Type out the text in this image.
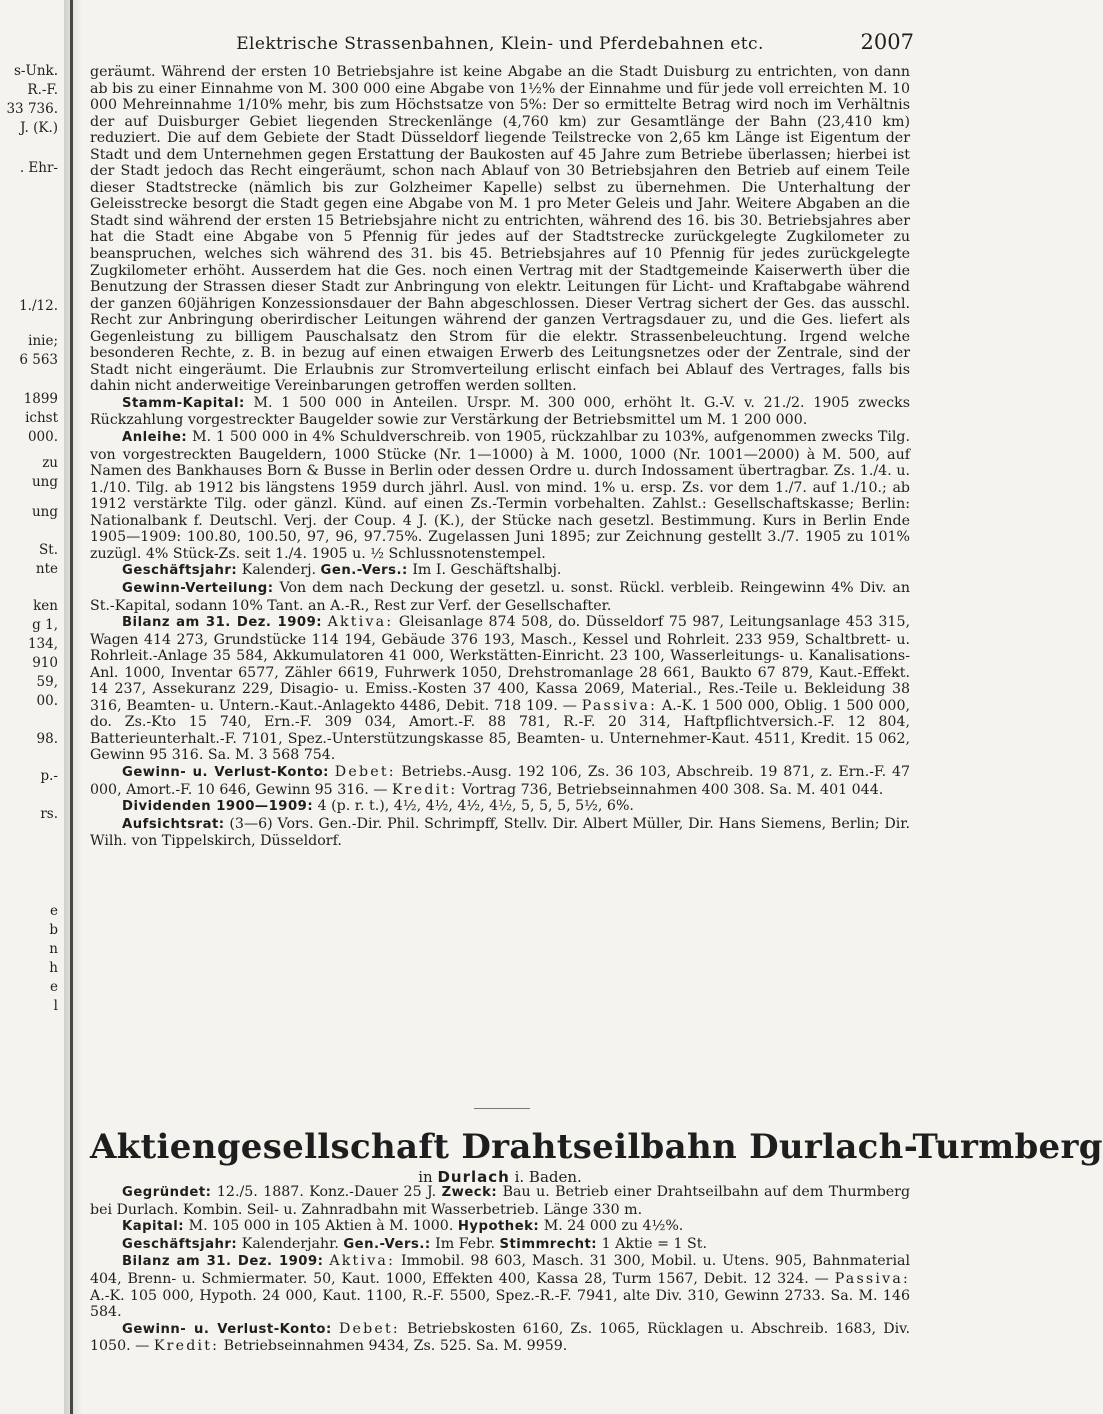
s-Unk.
R.-F.
33 736.
J. (K.)
. Ehr-
1./12.
inie;
6 563
1899
ichst
000.
zu
ung
ung
St.
nte
ken
g 1,
134,
910
59,
00.
98.
p.-
rs.
e
b
n
h
e
l
Elektrische Strassenbahnen, Klein- und Pferdebahnen etc.	2007

geräumt. Während der ersten 10 Betriebsjahre ist keine Abgabe an die Stadt Duisburg zu entrichten, von dann ab bis zu einer Einnahme von M. 300 000 eine Abgabe von 1½% der Einnahme und für jede voll erreichten M. 10 000 Mehreinnahme 1/10% mehr, bis zum Höchstsatze von 5%: Der so ermittelte Betrag wird noch im Verhältnis der auf Duisburger Gebiet liegenden Streckenlänge (4,760 km) zur Gesamtlänge der Bahn (23,410 km) reduziert. Die auf dem Gebiete der Stadt Düsseldorf liegende Teilstrecke von 2,65 km Länge ist Eigentum der Stadt und dem Unternehmen gegen Erstattung der Baukosten auf 45 Jahre zum Betriebe überlassen; hierbei ist der Stadt jedoch das Recht eingeräumt, schon nach Ablauf von 30 Betriebsjahren den Betrieb auf einem Teile dieser Stadtstrecke (nämlich bis zur Golzheimer Kapelle) selbst zu übernehmen. Die Unterhaltung der Geleisstrecke besorgt die Stadt gegen eine Abgabe von M. 1 pro Meter Geleis und Jahr. Weitere Abgaben an die Stadt sind während der ersten 15 Betriebsjahre nicht zu entrichten, während des 16. bis 30. Betriebsjahres aber hat die Stadt eine Abgabe von 5 Pfennig für jedes auf der Stadtstrecke zurückgelegte Zugkilometer zu beanspruchen, welches sich während des 31. bis 45. Betriebsjahres auf 10 Pfennig für jedes zurückgelegte Zugkilometer erhöht. Ausserdem hat die Ges. noch einen Vertrag mit der Stadtgemeinde Kaiserwerth über die Benutzung der Strassen dieser Stadt zur Anbringung von elektr. Leitungen für Licht- und Kraftabgabe während der ganzen 60jährigen Konzessionsdauer der Bahn abgeschlossen. Dieser Vertrag sichert der Ges. das ausschl. Recht zur Anbringung oberirdischer Leitungen während der ganzen Vertragsdauer zu, und die Ges. liefert als Gegenleistung zu billigem Pauschalsatz den Strom für die elektr. Strassenbeleuchtung. Irgend welche besonderen Rechte, z. B. in bezug auf einen etwaigen Erwerb des Leitungsnetzes oder der Zentrale, sind der Stadt nicht eingeräumt. Die Erlaubnis zur Stromverteilung erlischt einfach bei Ablauf des Vertrages, falls bis dahin nicht anderweitige Vereinbarungen getroffen werden sollten.

Stamm-Kapital: M. 1 500 000 in Anteilen. Urspr. M. 300 000, erhöht lt. G.-V. v. 21./2. 1905 zwecks Rückzahlung vorgestreckter Baugelder sowie zur Verstärkung der Betriebsmittel um M. 1 200 000.

Anleihe: M. 1 500 000 in 4% Schuldverschreib. von 1905, rückzahlbar zu 103%, aufgenommen zwecks Tilg. von vorgestreckten Baugeldern, 1000 Stücke (Nr. 1—1000) à M. 1000, 1000 (Nr. 1001—2000) à M. 500, auf Namen des Bankhauses Born & Busse in Berlin oder dessen Ordre u. durch Indossament übertragbar. Zs. 1./4. u. 1./10. Tilg. ab 1912 bis längstens 1959 durch jährl. Ausl. von mind. 1% u. ersp. Zs. vor dem 1./7. auf 1./10.; ab 1912 verstärkte Tilg. oder gänzl. Künd. auf einen Zs.-Termin vorbehalten. Zahlst.: Gesellschaftskasse; Berlin: Nationalbank f. Deutschl. Verj. der Coup. 4 J. (K.), der Stücke nach gesetzl. Bestimmung. Kurs in Berlin Ende 1905—1909: 100.80, 100.50, 97, 96, 97.75%. Zugelassen Juni 1895; zur Zeichnung gestellt 3./7. 1905 zu 101% zuzügl. 4% Stück-Zs. seit 1./4. 1905 u. ½ Schlussnotenstempel.

Geschäftsjahr: Kalenderj. Gen.-Vers.: Im I. Geschäftshalbj.

Gewinn-Verteilung: Von dem nach Deckung der gesetzl. u. sonst. Rückl. verbleib. Reingewinn 4% Div. an St.-Kapital, sodann 10% Tant. an A.-R., Rest zur Verf. der Gesellschafter.

Bilanz am 31. Dez. 1909: Aktiva: Gleisanlage 874 508, do. Düsseldorf 75 987, Leitungsanlage 453 315, Wagen 414 273, Grundstücke 114 194, Gebäude 376 193, Masch., Kessel und Rohrleit. 233 959, Schaltbrett- u. Rohrleit.-Anlage 35 584, Akkumulatoren 41 000, Werkstätten-Einricht. 23 100, Wasserleitungs- u. Kanalisations-Anl. 1000, Inventar 6577, Zähler 6619, Fuhrwerk 1050, Drehstromanlage 28 661, Baukto 67 879, Kaut.-Effekt. 14 237, Assekuranz 229, Disagio- u. Emiss.-Kosten 37 400, Kassa 2069, Material., Res.-Teile u. Bekleidung 38 316, Beamten- u. Untern.-Kaut.-Anlagekto 4486, Debit. 718 109. — Passiva: A.-K. 1 500 000, Oblig. 1 500 000, do. Zs.-Kto 15 740, Ern.-F. 309 034, Amort.-F. 88 781, R.-F. 20 314, Haftpflichtversich.-F. 12 804, Batterieunterhalt.-F. 7101, Spez.-Unterstützungskasse 85, Beamten- u. Unternehmer-Kaut. 4511, Kredit. 15 062, Gewinn 95 316. Sa. M. 3 568 754.

Gewinn- u. Verlust-Konto: Debet: Betriebs.-Ausg. 192 106, Zs. 36 103, Abschreib. 19 871, z. Ern.-F. 47 000, Amort.-F. 10 646, Gewinn 95 316. — Kredit: Vortrag 736, Betriebseinnahmen 400 308. Sa. M. 401 044.

Dividenden 1900—1909: 4 (p. r. t.), 4½, 4½, 4½, 4½, 5, 5, 5, 5½, 6%.

Aufsichtsrat: (3—6) Vors. Gen.-Dir. Phil. Schrimpff, Stellv. Dir. Albert Müller, Dir. Hans Siemens, Berlin; Dir. Wilh. von Tippelskirch, Düsseldorf.

Aktiengesellschaft Drahtseilbahn Durlach-Turmberg
in Durlach i. Baden.

Gegründet: 12./5. 1887. Konz.-Dauer 25 J. Zweck: Bau u. Betrieb einer Drahtseilbahn auf dem Thurmberg bei Durlach. Kombin. Seil- u. Zahnradbahn mit Wasserbetrieb. Länge 330 m.

Kapital: M. 105 000 in 105 Aktien à M. 1000. Hypothek: M. 24 000 zu 4½%.

Geschäftsjahr: Kalenderjahr. Gen.-Vers.: Im Febr. Stimmrecht: 1 Aktie = 1 St.

Bilanz am 31. Dez. 1909: Aktiva: Immobil. 98 603, Masch. 31 300, Mobil. u. Utens. 905, Bahnmaterial 404, Brenn- u. Schmiermater. 50, Kaut. 1000, Effekten 400, Kassa 28, Turm 1567, Debit. 12 324. — Passiva: A.-K. 105 000, Hypoth. 24 000, Kaut. 1100, R.-F. 5500, Spez.-R.-F. 7941, alte Div. 310, Gewinn 2733. Sa. M. 146 584.

Gewinn- u. Verlust-Konto: Debet: Betriebskosten 6160, Zs. 1065, Rücklagen u. Abschreib. 1683, Div. 1050. — Kredit: Betriebseinnahmen 9434, Zs. 525. Sa. M. 9959.
